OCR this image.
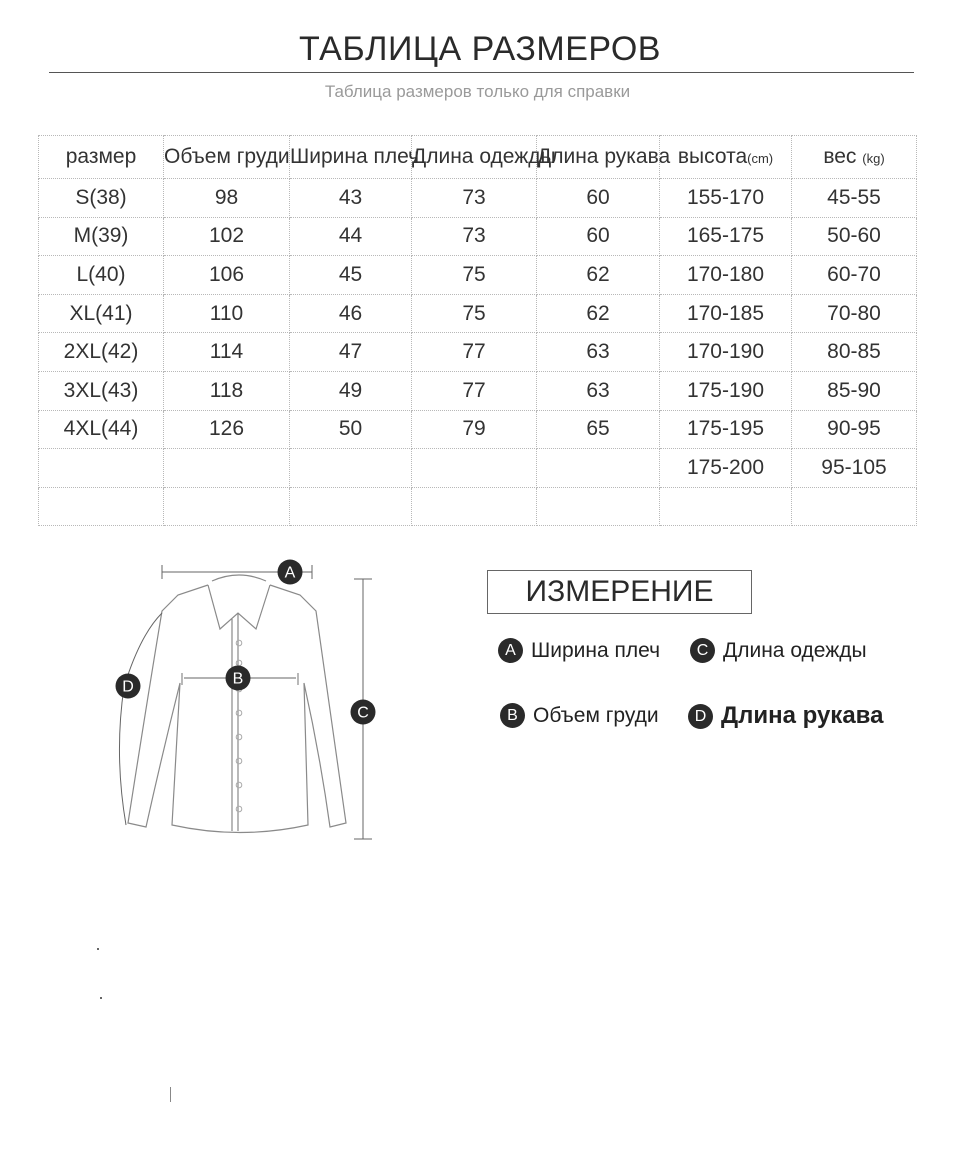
ТАБЛИЦА РАЗМЕРОВ
Таблица размеров только для справки
размер	Объем груди	Ширина плеч	Длина одежды	Длина рукава	высота(cm)	вес (kg)
S(38)	98	43	73	60	155-170	45-55
M(39)	102	44	73	60	165-175	50-60
L(40)	106	45	75	62	170-180	60-70
XL(41)	110	46	75	62	170-185	70-80
2XL(42)	114	47	77	63	170-190	80-85
3XL(43)	118	49	77	63	175-190	85-90
4XL(44)	126	50	79	65	175-195	90-95
					175-200	95-105

A
B
C
D
ИЗМЕРЕНИЕ
A Ширина плеч	C Длина одежды
B Объем груди	D Длина рукава
